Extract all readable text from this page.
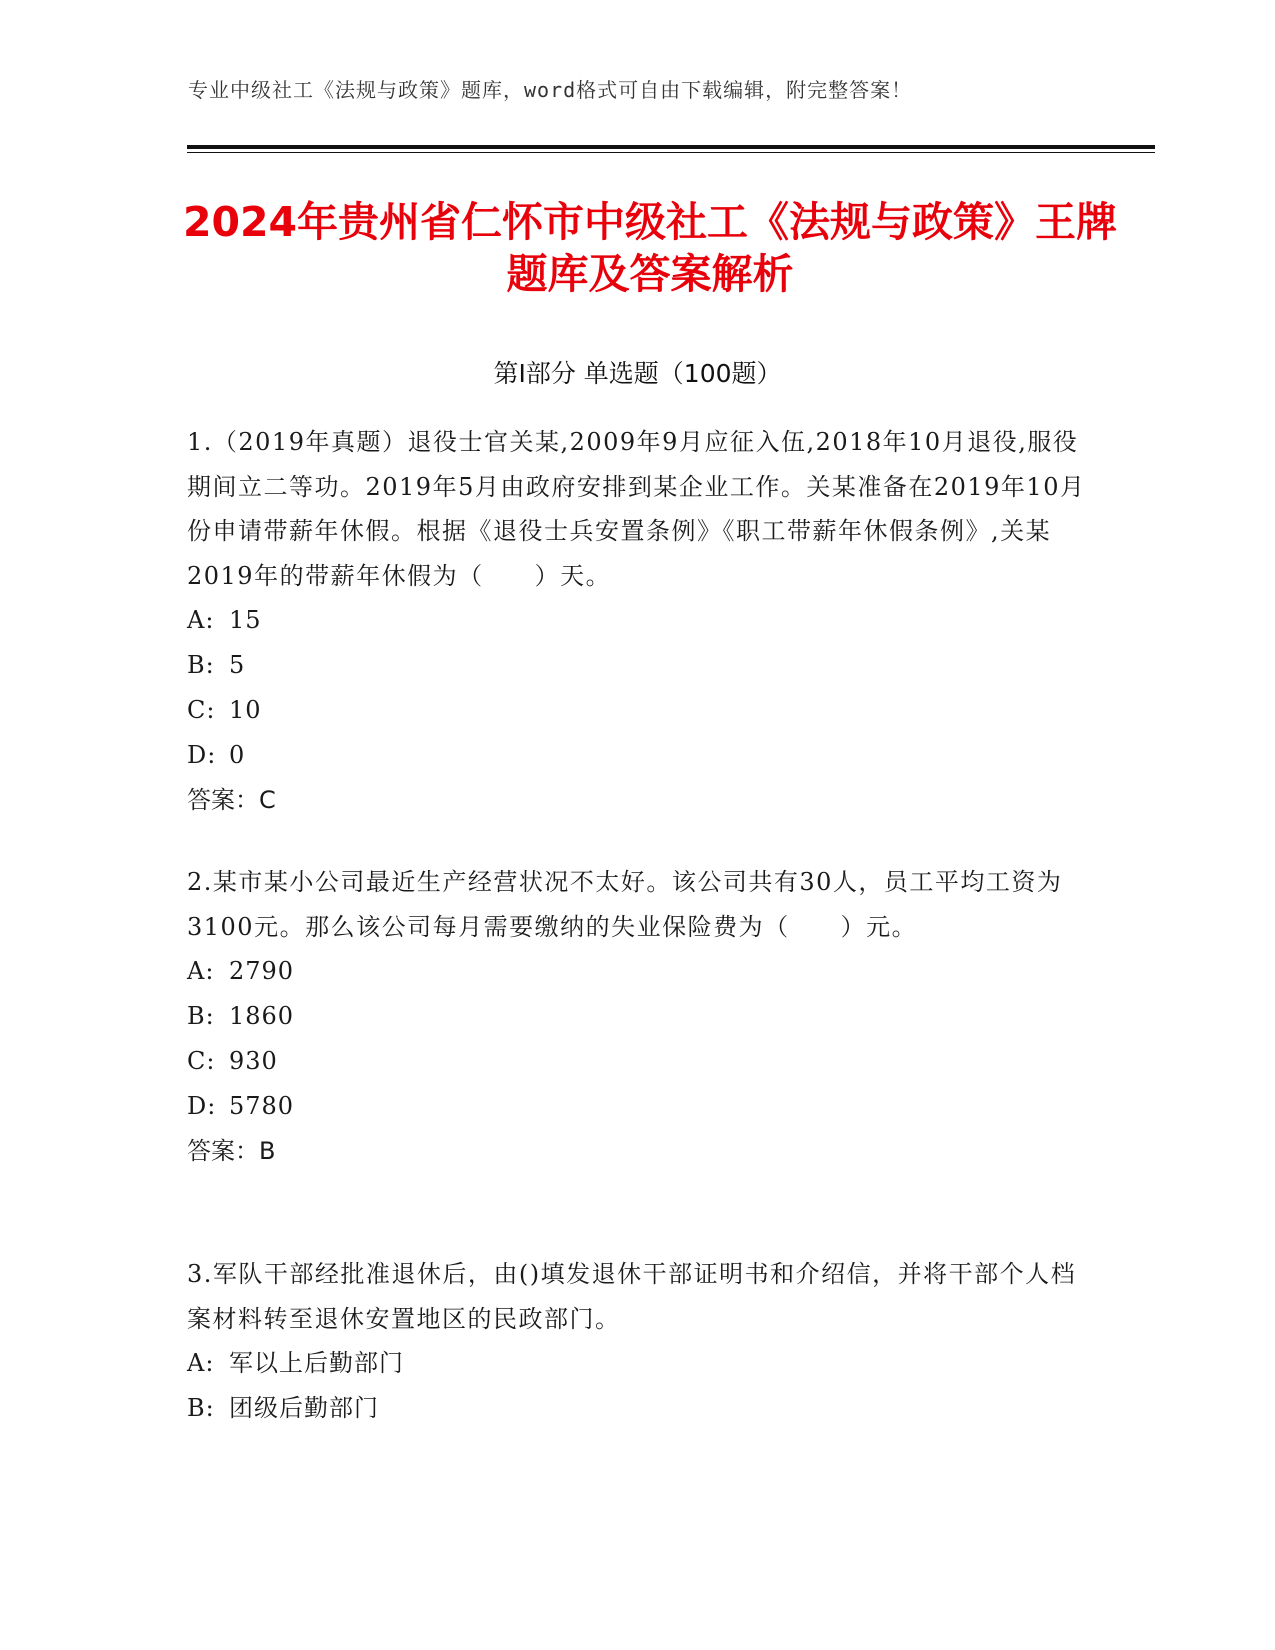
专业中级社工《法规与政策》题库，word格式可自由下载编辑，附完整答案！
2024年贵州省仁怀市中级社工《法规与政策》王牌题库及答案解析
第Ⅰ部分 单选题（100题）

1.（2019年真题）退役士官关某,2009年9月应征入伍,2018年10月退役,服役期间立二等功。2019年5月由政府安排到某企业工作。关某准备在2019年10月份申请带薪年休假。根据《退役士兵安置条例》《职工带薪年休假条例》,关某2019年的带薪年休假为（　　）天。

A: 15

B: 5

C: 10

D: 0

答案：C

2.某市某小公司最近生产经营状况不太好。该公司共有30人，员工平均工资为3100元。那么该公司每月需要缴纳的失业保险费为（　　）元。

A: 2790

B: 1860

C: 930

D: 5780

答案：B

3.军队干部经批准退休后，由()填发退休干部证明书和介绍信，并将干部个人档案材料转至退休安置地区的民政部门。

A: 军以上后勤部门

B: 团级后勤部门
